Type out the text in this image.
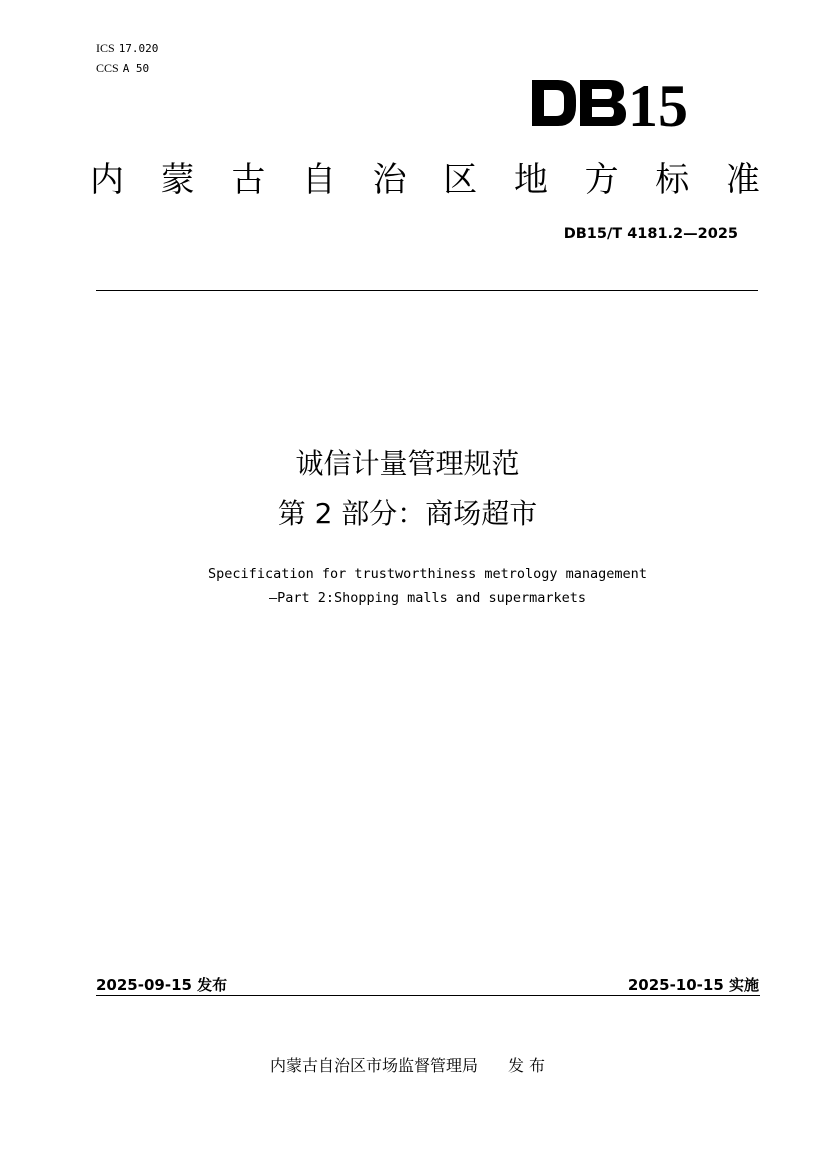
ICS 17.020
CCS A 50
15
内 蒙 古 自 治 区 地 方 标 准
DB15/T 4181.2—2025
诚信计量管理规范
第 2 部分：商场超市
Specification for trustworthiness metrology management
—Part 2:Shopping malls and supermarkets
2025-09-15 发布	2025-10-15 实施
内蒙古自治区市场监督管理局 发 布
